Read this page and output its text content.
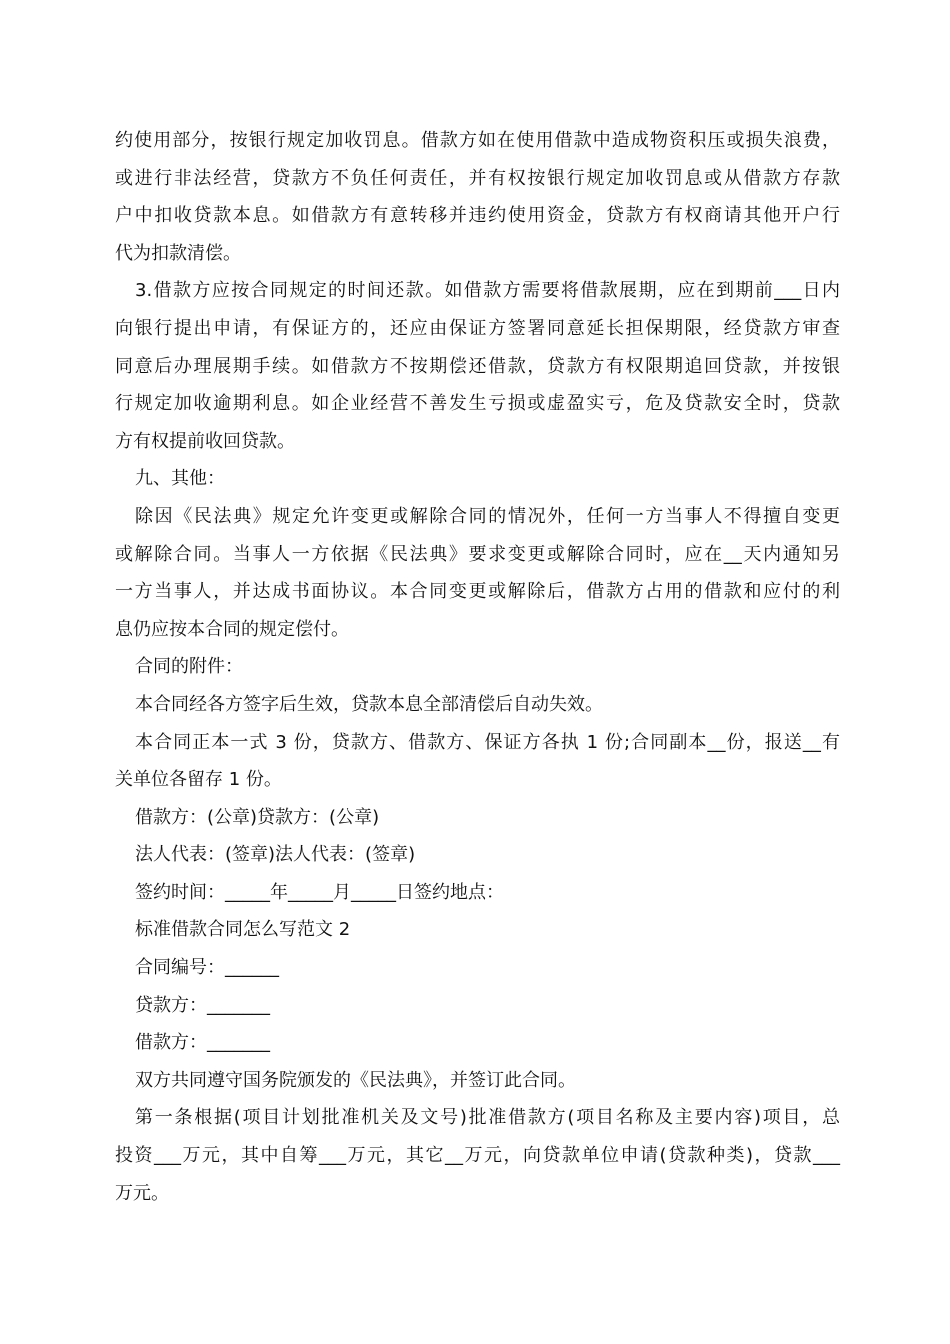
约使用部分，按银行规定加收罚息。借款方如在使用借款中造成物资积压或损失浪费，
或进行非法经营，贷款方不负任何责任，并有权按银行规定加收罚息或从借款方存款
户中扣收贷款本息。如借款方有意转移并违约使用资金，贷款方有权商请其他开户行
代为扣款清偿。
3.借款方应按合同规定的时间还款。如借款方需要将借款展期，应在到期前___日内
向银行提出申请，有保证方的，还应由保证方签署同意延长担保期限，经贷款方审查
同意后办理展期手续。如借款方不按期偿还借款，贷款方有权限期追回贷款，并按银
行规定加收逾期利息。如企业经营不善发生亏损或虚盈实亏，危及贷款安全时，贷款
方有权提前收回贷款。
九、其他：
除因《民法典》规定允许变更或解除合同的情况外，任何一方当事人不得擅自变更
或解除合同。当事人一方依据《民法典》要求变更或解除合同时，应在__天内通知另
一方当事人，并达成书面协议。本合同变更或解除后，借款方占用的借款和应付的利
息仍应按本合同的规定偿付。
合同的附件：
本合同经各方签字后生效，贷款本息全部清偿后自动失效。
本合同正本一式 3 份，贷款方、借款方、保证方各执 1 份;合同副本__份，报送__有
关单位各留存 1 份。
借款方：(公章)贷款方：(公章)
法人代表：(签章)法人代表：(签章)
签约时间：_____年_____月_____日签约地点：
标准借款合同怎么写范文 2
合同编号：______
贷款方：_______
借款方：_______
双方共同遵守国务院颁发的《民法典》，并签订此合同。
第一条根据(项目计划批准机关及文号)批准借款方(项目名称及主要内容)项目，总
投资___万元，其中自筹___万元，其它__万元，向贷款单位申请(贷款种类)，贷款___
万元。
